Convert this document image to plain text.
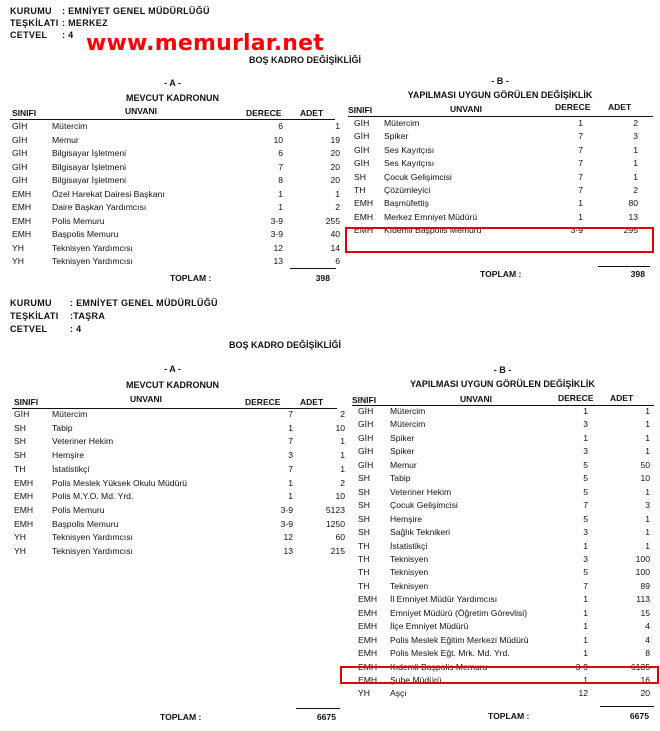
KURUMU : EMNİYET GENEL MÜDÜRLÜĞÜ
TEŞKİLATI : MERKEZ
CETVEL : 4 www.memurlar.net
BOŞ KADRO DEĞİŞİKLİĞİ
- A -
MEVCUT KADRONUN
SINIFI	UNVANI	DERECE ADET
- B -
YAPILMASI UYGUN GÖRÜLEN DEĞİŞİKLİK
SINIFI	UNVANI	DERECE ADET
GİH	Mütercim	6	1
GİH	Memur	10	19
GİH	Bilgisayar İşletmeni	6	20
GİH	Bilgisayar İşletmeni	7	20
GİH	Bilgisayar İşletmeni	8	20
EMH	Özel Harekat Dairesi Başkanı	1	1
EMH	Daire Başkan Yardımcısı	1	2
EMH	Polis Memuru	3-9	255
EMH	Başpolis Memuru	3-9	40
YH	Teknisyen Yardımcısı	12	14
YH	Teknisyen Yardımcısı	13	6
GİH	Mütercim	1	2
GİH	Spiker	7	3
GİH	Ses Kayıtçısı	7	1
GİH	Ses Kayıtçısı	7	1
SH	Çocuk Gelişimcisi	7	1
TH	Çözümleyici	7	2
EMH	Başmüfettiş	1	80
EMH	Merkez Emniyet Müdürü	1	13
EMH	Kıdemli Başpolis Memuru	3-9	295
TOPLAM :	398	TOPLAM :	398
KURUMU : EMNİYET GENEL MÜDÜRLÜĞÜ
TEŞKİLATI :TAŞRA
CETVEL	: 4
BOŞ KADRO DEĞİŞİKLİĞİ
- A -
MEVCUT KADRONUN
SINIFI	UNVANI	DERECE ADET
- B -
YAPILMASI UYGUN GÖRÜLEN DEĞİŞİKLİK
SINIFI	UNVANI	DERECE ADET
GİH	Mütercim	7	2
SH	Tabip	1	10
SH	Veteriner Hekim	7	1
SH	Hemşire	3	1
TH	İstatistikçi	7	1
EMH	Polis Meslek Yüksek Okulu Müdürü	1	2
EMH	Polis M.Y.O. Md. Yrd.	1	10
EMH	Polis Memuru	3-9	5123
EMH	Başpolis Memuru	3-9	1250
YH	Teknisyen Yardımcısı	12	60
YH	Teknisyen Yardımcısı	13	215
GİH	Mütercim	1	1
GİH	Mütercim	3	1
GİH	Spiker	1	1
GİH	Spiker	3	1
GİH	Memur	5	50
SH	Tabip	5	10
SH	Veteriner Hekim	5	1
SH	Çocuk Gelişimcisi	7	3
SH	Hemşire	5	1
SH	Sağlık Teknikeri	3	1
TH	İstatistikçi	1	1
TH	Teknisyen	3	100
TH	Teknisyen	5	100
TH	Teknisyen	7	89
EMH	İl Emniyet Müdür Yardımcısı	1	113
EMH	Emniyet Müdürü (Öğretim Görevlisi)	1	15
EMH	İlçe Emniyet Müdürü	1	4
EMH	Polis Meslek Eğitim Merkezi Müdürü	1	4
EMH	Polis Meslek Eğt. Mrk. Md. Yrd.	1	8
EMH	Kıdemli Başpolis Memuru	3-9	6135
EMH	Şube Müdürü	1	16
YH	Aşçı	12	20
TOPLAM :	6675	TOPLAM :	6675
